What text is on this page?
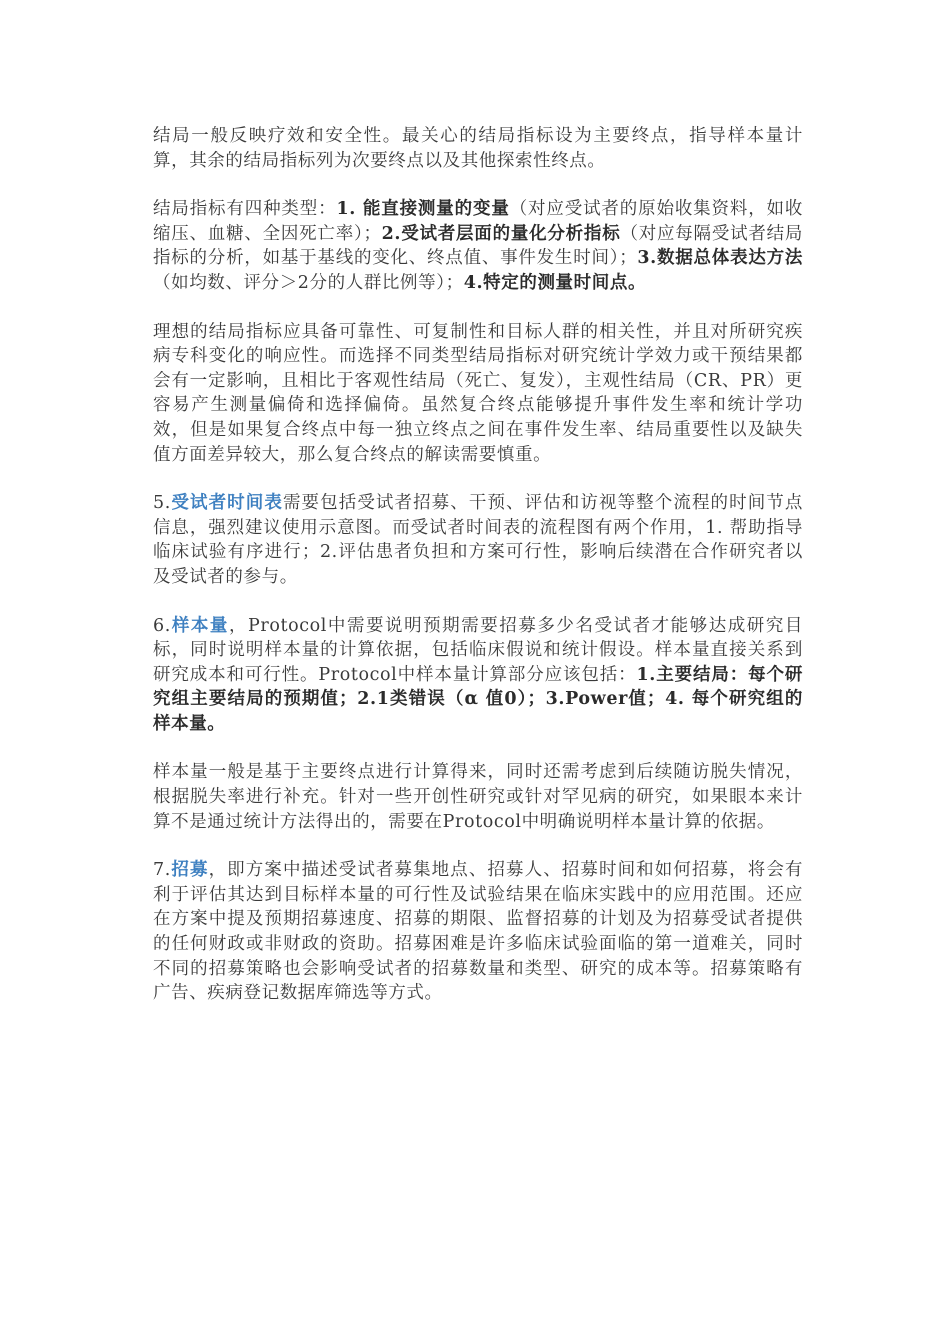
结局一般反映疗效和安全性。最关心的结局指标设为主要终点，指导样本量计算，其余的结局指标列为次要终点以及其他探索性终点。

结局指标有四种类型：1. 能直接测量的变量（对应受试者的原始收集资料，如收缩压、血糖、全因死亡率）；2.受试者层面的量化分析指标（对应每隔受试者结局指标的分析，如基于基线的变化、终点值、事件发生时间）；3.数据总体表达方法（如均数、评分＞2分的人群比例等）；4.特定的测量时间点。

理想的结局指标应具备可靠性、可复制性和目标人群的相关性，并且对所研究疾病专科变化的响应性。而选择不同类型结局指标对研究统计学效力或干预结果都会有一定影响，且相比于客观性结局（死亡、复发），主观性结局（CR、PR）更容易产生测量偏倚和选择偏倚。虽然复合终点能够提升事件发生率和统计学功效，但是如果复合终点中每一独立终点之间在事件发生率、结局重要性以及缺失值方面差异较大，那么复合终点的解读需要慎重。

5.受试者时间表需要包括受试者招募、干预、评估和访视等整个流程的时间节点信息，强烈建议使用示意图。而受试者时间表的流程图有两个作用，1. 帮助指导临床试验有序进行；2.评估患者负担和方案可行性，影响后续潜在合作研究者以及受试者的参与。

6.样本量，Protocol中需要说明预期需要招募多少名受试者才能够达成研究目标，同时说明样本量的计算依据，包括临床假说和统计假设。样本量直接关系到研究成本和可行性。Protocol中样本量计算部分应该包括：1.主要结局：每个研究组主要结局的预期值；2.1类错误（α 值0）；3.Power值；4. 每个研究组的样本量。

样本量一般是基于主要终点进行计算得来，同时还需考虑到后续随访脱失情况，根据脱失率进行补充。针对一些开创性研究或针对罕见病的研究，如果眼本来计算不是通过统计方法得出的，需要在Protocol中明确说明样本量计算的依据。

7.招募，即方案中描述受试者募集地点、招募人、招募时间和如何招募，将会有利于评估其达到目标样本量的可行性及试验结果在临床实践中的应用范围。还应在方案中提及预期招募速度、招募的期限、监督招募的计划及为招募受试者提供的任何财政或非财政的资助。招募困难是许多临床试验面临的第一道难关，同时不同的招募策略也会影响受试者的招募数量和类型、研究的成本等。招募策略有广告、疾病登记数据库筛选等方式。
